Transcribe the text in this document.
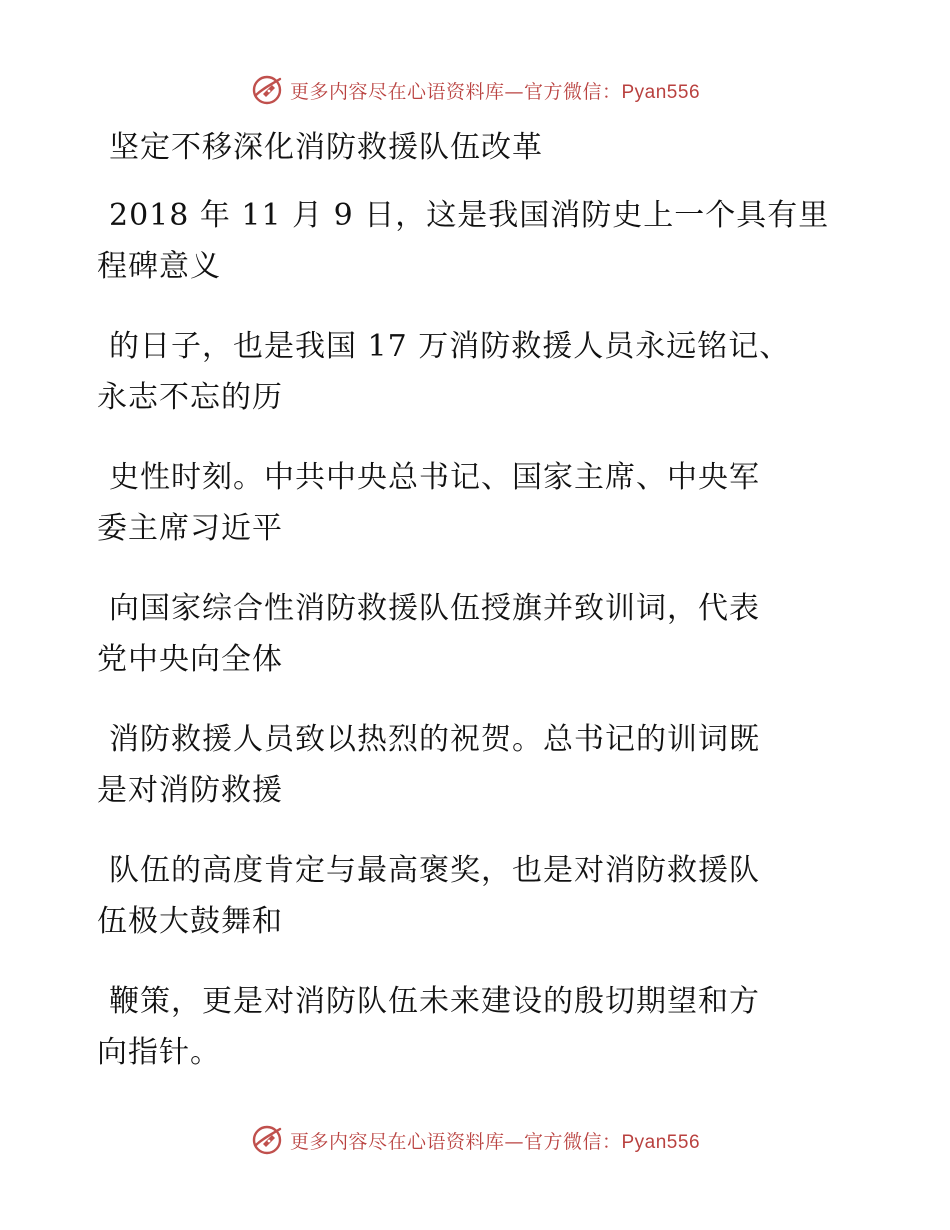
更多内容尽在心语资料库—官方微信：Pyan556
坚定不移深化消防救援队伍改革

2018 年 11 月 9 日，这是我国消防史上一个具有里
程碑意义

的日子，也是我国 17 万消防救援人员永远铭记、
永志不忘的历

史性时刻。中共中央总书记、国家主席、中央军
委主席习近平

向国家综合性消防救援队伍授旗并致训词，代表
党中央向全体

消防救援人员致以热烈的祝贺。总书记的训词既
是对消防救援

队伍的高度肯定与最高褒奖，也是对消防救援队
伍极大鼓舞和

鞭策，更是对消防队伍未来建设的殷切期望和方
向指针。

更多内容尽在心语资料库—官方微信：Pyan556
